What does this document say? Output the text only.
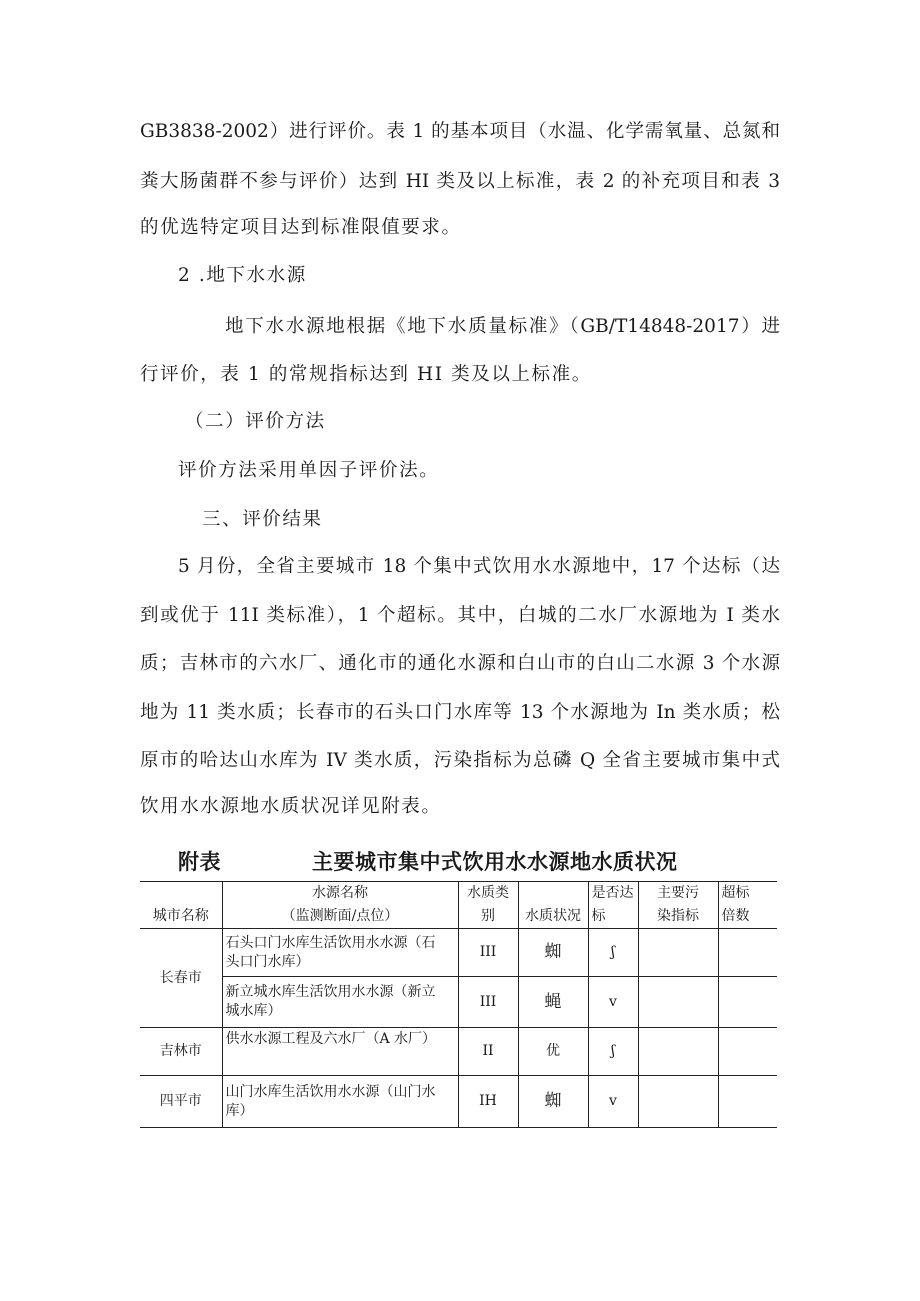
GB3838-2002）进行评价。表 1 的基本项目（水温、化学需氧量、总氮和
粪大肠菌群不参与评价）达到 HI 类及以上标准，表 2 的补充项目和表 3
的优选特定项目达到标准限值要求。
2 .地下水水源
地下水水源地根据《地下水质量标准》（GB/T14848-2017）进
行评价，表 1 的常规指标达到 HI 类及以上标准。
（二）评价方法
评价方法采用单因子评价法。
三、评价结果
5 月份，全省主要城市 18 个集中式饮用水水源地中，17 个达标（达
到或优于 11I 类标准），1 个超标。其中，白城的二水厂水源地为 I 类水
质；吉林市的六水厂、通化市的通化水源和白山市的白山二水源 3 个水源
地为 11 类水质；长春市的石头口门水库等 13 个水源地为 In 类水质；松
原市的哈达山水库为 IV 类水质，污染指标为总磷 Q 全省主要城市集中式
饮用水水源地水质状况详见附表。
附表	主要城市集中式饮用水水源地水质状况
城市名称	水源名称	水质类	水质状况	是否达	主要污	超标
	（监测断面/点位）	别		标	染指标	倍数
长春市	石头口门水库生活饮用水水源（石
头口门水库）	III	蜘	ʃ		
	新立城水库生活饮用水水源（新立
城水库）	III	蝇	v		
吉林市	供水水源工程及六水厂（A 水厂）	II	优	ʃ		
四平市	山门水库生活饮用水水源（山门水
库）	IH	蜘	v		
